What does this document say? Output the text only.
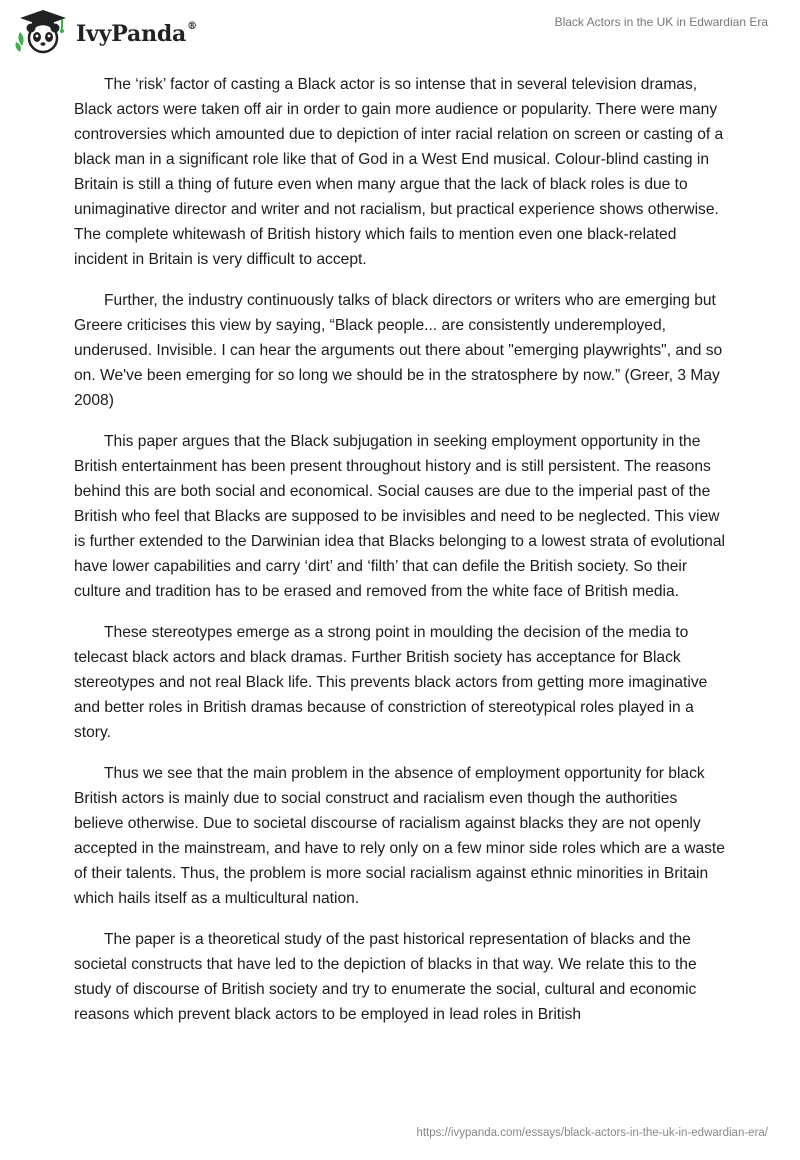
IvyPanda®	Black Actors in the UK in Edwardian Era

The ‘risk’ factor of casting a Black actor is so intense that in several television dramas, Black actors were taken off air in order to gain more audience or popularity. There were many controversies which amounted due to depiction of inter racial relation on screen or casting of a black man in a significant role like that of God in a West End musical. Colour-blind casting in Britain is still a thing of future even when many argue that the lack of black roles is due to unimaginative director and writer and not racialism, but practical experience shows otherwise. The complete whitewash of British history which fails to mention even one black-related incident in Britain is very difficult to accept.

Further, the industry continuously talks of black directors or writers who are emerging but Greere criticises this view by saying, “Black people... are consistently underemployed, underused. Invisible. I can hear the arguments out there about "emerging playwrights", and so on. We've been emerging for so long we should be in the stratosphere by now.” (Greer, 3 May 2008)

This paper argues that the Black subjugation in seeking employment opportunity in the British entertainment has been present throughout history and is still persistent. The reasons behind this are both social and economical. Social causes are due to the imperial past of the British who feel that Blacks are supposed to be invisibles and need to be neglected. This view is further extended to the Darwinian idea that Blacks belonging to a lowest strata of evolutional have lower capabilities and carry ‘dirt’ and ‘filth’ that can defile the British society. So their culture and tradition has to be erased and removed from the white face of British media.

These stereotypes emerge as a strong point in moulding the decision of the media to telecast black actors and black dramas. Further British society has acceptance for Black stereotypes and not real Black life. This prevents black actors from getting more imaginative and better roles in British dramas because of constriction of stereotypical roles played in a story.

Thus we see that the main problem in the absence of employment opportunity for black British actors is mainly due to social construct and racialism even though the authorities believe otherwise. Due to societal discourse of racialism against blacks they are not openly accepted in the mainstream, and have to rely only on a few minor side roles which are a waste of their talents. Thus, the problem is more social racialism against ethnic minorities in Britain which hails itself as a multicultural nation.

The paper is a theoretical study of the past historical representation of blacks and the societal constructs that have led to the depiction of blacks in that way. We relate this to the study of discourse of British society and try to enumerate the social, cultural and economic reasons which prevent black actors to be employed in lead roles in British

https://ivypanda.com/essays/black-actors-in-the-uk-in-edwardian-era/
